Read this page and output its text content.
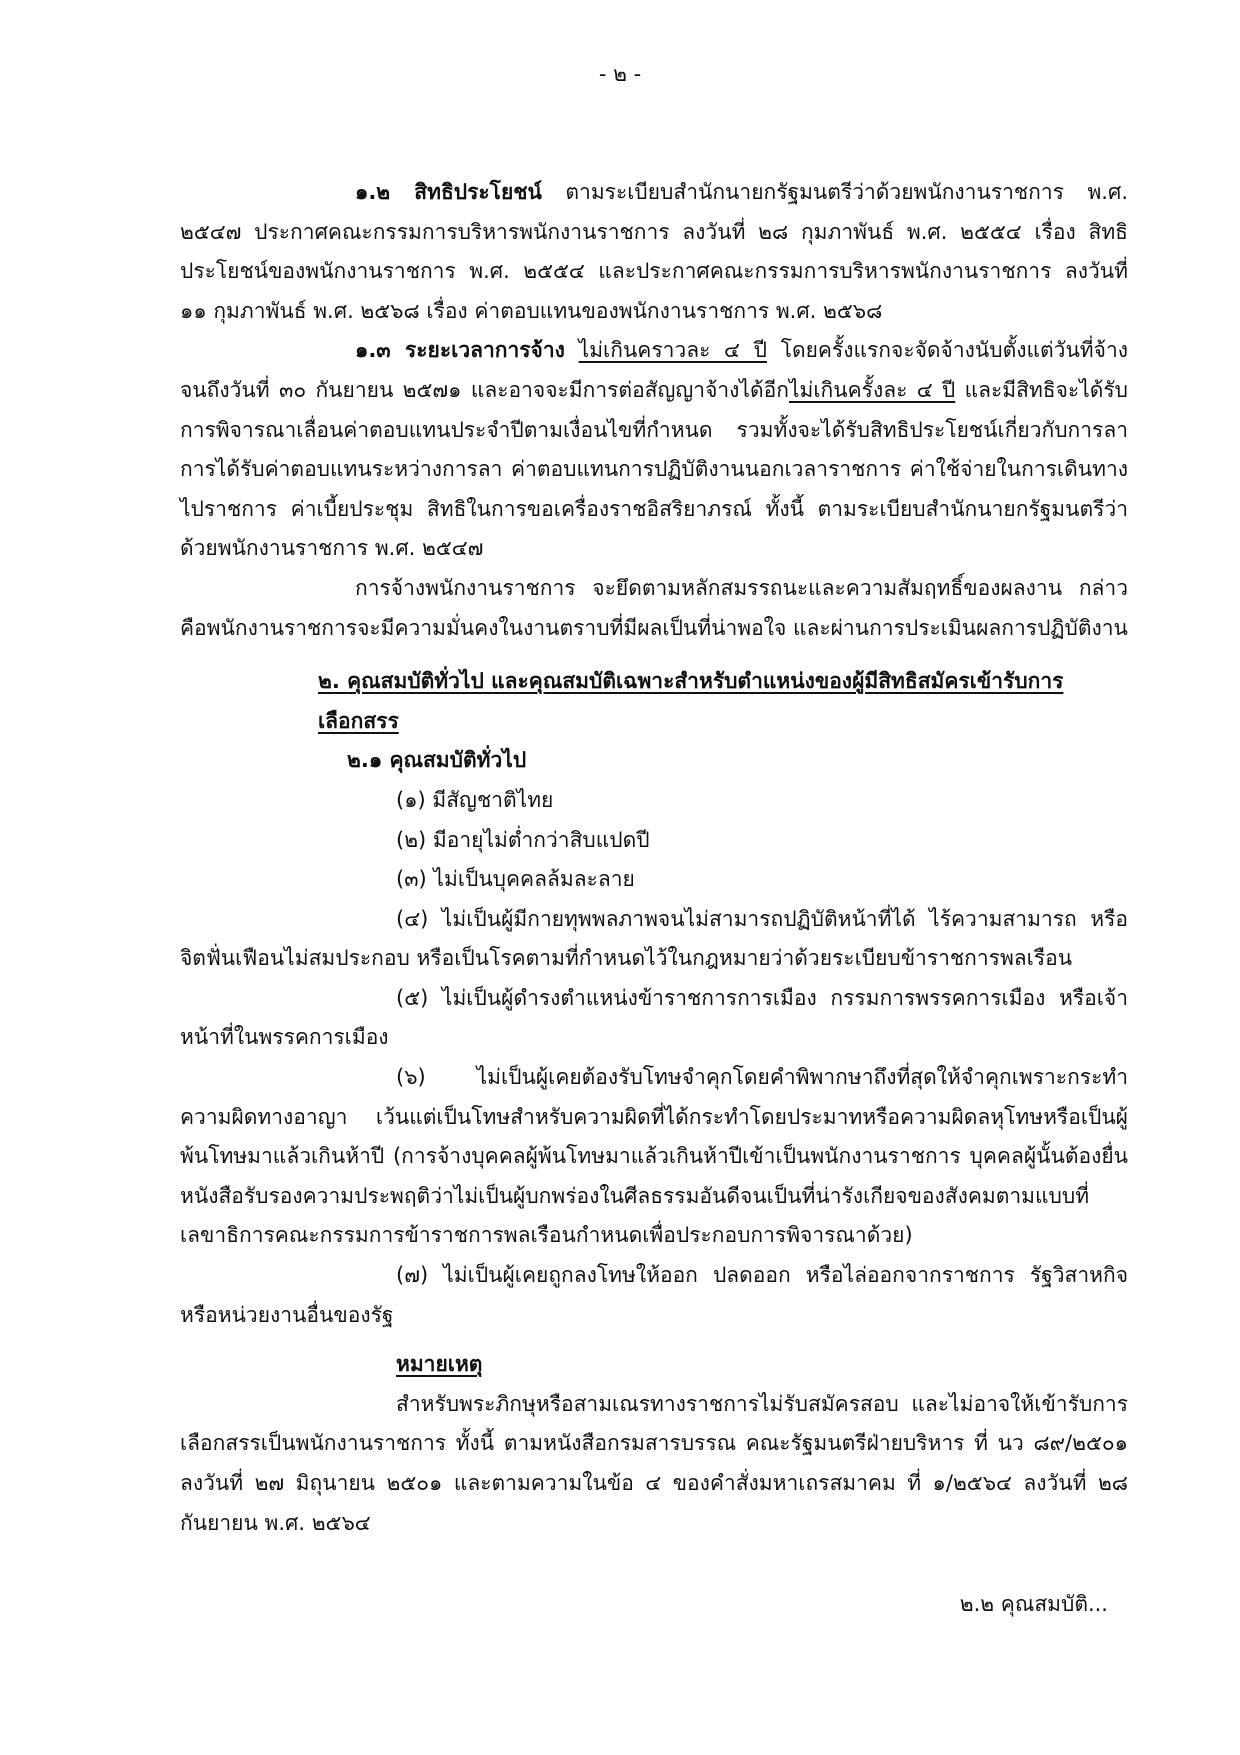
- ๒ -

๑.๒ สิทธิประโยชน์ ตามระเบียบสำนักนายกรัฐมนตรีว่าด้วยพนักงานราชการ พ.ศ. ๒๕๔๗ ประกาศคณะกรรมการบริหารพนักงานราชการ ลงวันที่ ๒๘ กุมภาพันธ์ พ.ศ. ๒๕๕๔ เรื่อง สิทธิประโยชน์ของพนักงานราชการ พ.ศ. ๒๕๕๔ และประกาศคณะกรรมการบริหารพนักงานราชการ ลงวันที่ ๑๑ กุมภาพันธ์ พ.ศ. ๒๕๖๘ เรื่อง ค่าตอบแทนของพนักงานราชการ พ.ศ. ๒๕๖๘

๑.๓ ระยะเวลาการจ้าง ไม่เกินคราวละ ๔ ปี โดยครั้งแรกจะจัดจ้างนับตั้งแต่วันที่จ้างจนถึงวันที่ ๓๐ กันยายน ๒๕๗๑ และอาจจะมีการต่อสัญญาจ้างได้อีกไม่เกินครั้งละ ๔ ปี และมีสิทธิจะได้รับการพิจารณาเลื่อนค่าตอบแทนประจำปีตามเงื่อนไขที่กำหนด รวมทั้งจะได้รับสิทธิประโยชน์เกี่ยวกับการลา การได้รับค่าตอบแทนระหว่างการลา ค่าตอบแทนการปฏิบัติงานนอกเวลาราชการ ค่าใช้จ่ายในการเดินทางไปราชการ ค่าเบี้ยประชุม สิทธิในการขอเครื่องราชอิสริยาภรณ์ ทั้งนี้ ตามระเบียบสำนักนายกรัฐมนตรีว่าด้วยพนักงานราชการ พ.ศ. ๒๕๔๗

การจ้างพนักงานราชการ จะยึดตามหลักสมรรถนะและความสัมฤทธิ์ของผลงาน กล่าวคือพนักงานราชการจะมีความมั่นคงในงานตราบที่มีผลเป็นที่น่าพอใจ และผ่านการประเมินผลการปฏิบัติงาน

๒. คุณสมบัติทั่วไป และคุณสมบัติเฉพาะสำหรับตำแหน่งของผู้มีสิทธิสมัครเข้ารับการเลือกสรร

๒.๑ คุณสมบัติทั่วไป

(๑) มีสัญชาติไทย

(๒) มีอายุไม่ต่ำกว่าสิบแปดปี

(๓) ไม่เป็นบุคคลล้มละลาย

(๔) ไม่เป็นผู้มีกายทุพพลภาพจนไม่สามารถปฏิบัติหน้าที่ได้ ไร้ความสามารถ หรือจิตฟั่นเฟือนไม่สมประกอบ หรือเป็นโรคตามที่กำหนดไว้ในกฎหมายว่าด้วยระเบียบข้าราชการพลเรือน

(๕) ไม่เป็นผู้ดำรงตำแหน่งข้าราชการการเมือง กรรมการพรรคการเมือง หรือเจ้าหน้าที่ในพรรคการเมือง

(๖) ไม่เป็นผู้เคยต้องรับโทษจำคุกโดยคำพิพากษาถึงที่สุดให้จำคุกเพราะกระทำความผิดทางอาญา เว้นแต่เป็นโทษสำหรับความผิดที่ได้กระทำโดยประมาทหรือความผิดลหุโทษหรือเป็นผู้พ้นโทษมาแล้วเกินห้าปี (การจ้างบุคคลผู้พ้นโทษมาแล้วเกินห้าปีเข้าเป็นพนักงานราชการ บุคคลผู้นั้นต้องยื่นหนังสือรับรองความประพฤติว่าไม่เป็นผู้บกพร่องในศีลธรรมอันดีจนเป็นที่น่ารังเกียจของสังคมตามแบบที่เลขาธิการคณะกรรมการข้าราชการพลเรือนกำหนดเพื่อประกอบการพิจารณาด้วย)

(๗) ไม่เป็นผู้เคยถูกลงโทษให้ออก ปลดออก หรือไล่ออกจากราชการ รัฐวิสาหกิจหรือหน่วยงานอื่นของรัฐ

หมายเหตุ

สำหรับพระภิกษุหรือสามเณรทางราชการไม่รับสมัครสอบ และไม่อาจให้เข้ารับการเลือกสรรเป็นพนักงานราชการ ทั้งนี้ ตามหนังสือกรมสารบรรณ คณะรัฐมนตรีฝ่ายบริหาร ที่ นว ๘๙/๒๕๐๑ ลงวันที่ ๒๗ มิถุนายน ๒๕๐๑ และตามความในข้อ ๔ ของคำสั่งมหาเถรสมาคม ที่ ๑/๒๕๖๔ ลงวันที่ ๒๘ กันยายน พ.ศ. ๒๕๖๔

๒.๒ คุณสมบัติ...
